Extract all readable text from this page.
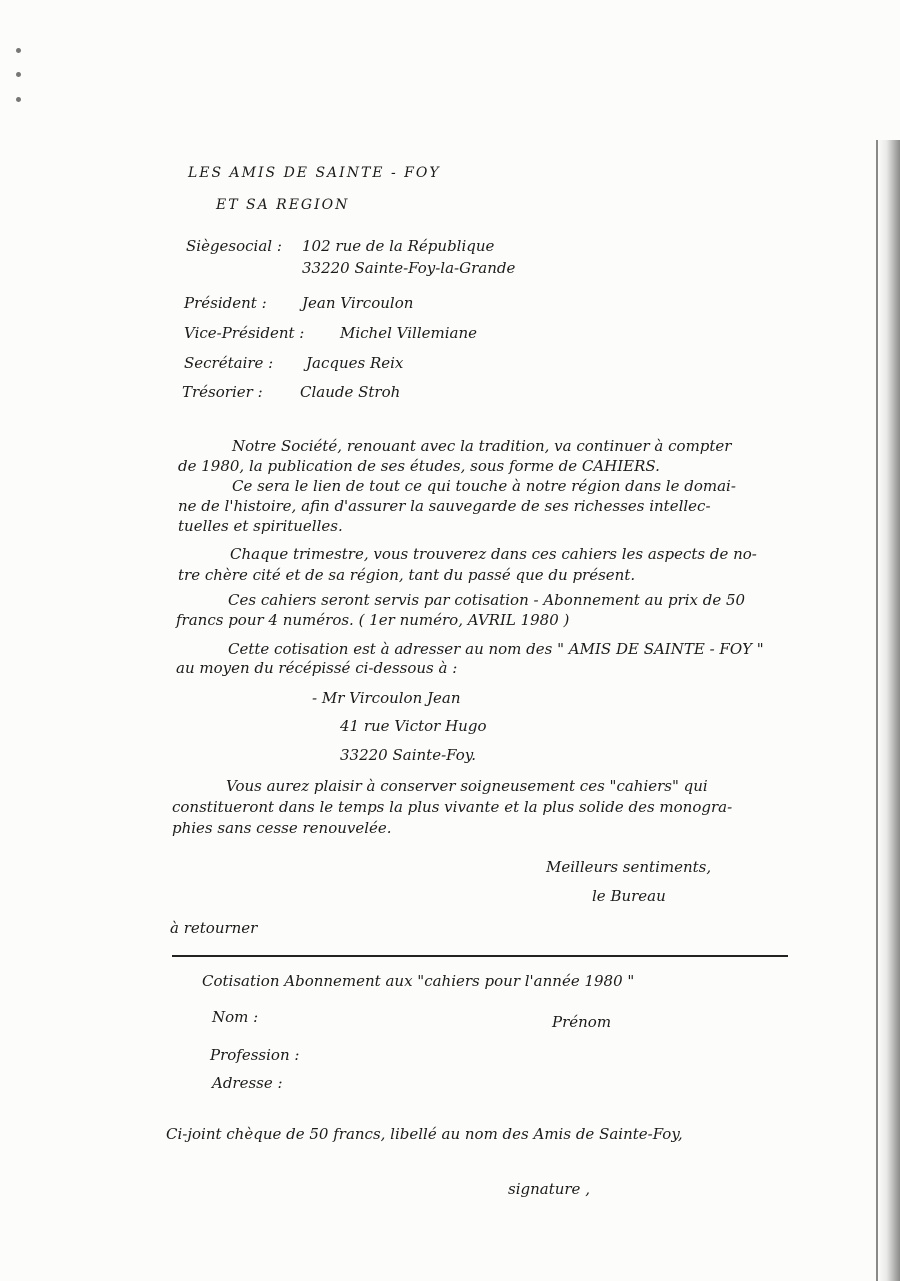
LES AMIS DE SAINTE - FOY
ET SA REGION
Siègesocial : 102 rue de la République
33220 Sainte-Foy-la-Grande
Président : Jean Vircoulon
Vice-Président : Michel Villemiane
Secrétaire : Jacques Reix
Trésorier : Claude Stroh
Notre Société, renouant avec la tradition, va continuer à compter
de 1980, la publication de ses études, sous forme de CAHIERS.
Ce sera le lien de tout ce qui touche à notre région dans le domai-
ne de l'histoire, afin d'assurer la sauvegarde de ses richesses intellec-
tuelles et spirituelles.
Chaque trimestre, vous trouverez dans ces cahiers les aspects de no-
tre chère cité et de sa région, tant du passé que du présent.
Ces cahiers seront servis par cotisation - Abonnement au prix de 50
francs pour 4 numéros. ( 1er numéro, AVRIL 1980 )
Cette cotisation est à adresser au nom des " AMIS DE SAINTE - FOY "
au moyen du récépissé ci-dessous à :
- Mr Vircoulon Jean
41 rue Victor Hugo
33220 Sainte-Foy.
Vous aurez plaisir à conserver soigneusement ces "cahiers" qui
constitueront dans le temps la plus vivante et la plus solide des monogra-
phies sans cesse renouvelée.
Meilleurs sentiments,
le Bureau
à retourner
Cotisation Abonnement aux "cahiers pour l'année 1980 "
Nom :	Prénom
Profession :
Adresse :
Ci-joint chèque de 50 francs, libellé au nom des Amis de Sainte-Foy,
signature ,
